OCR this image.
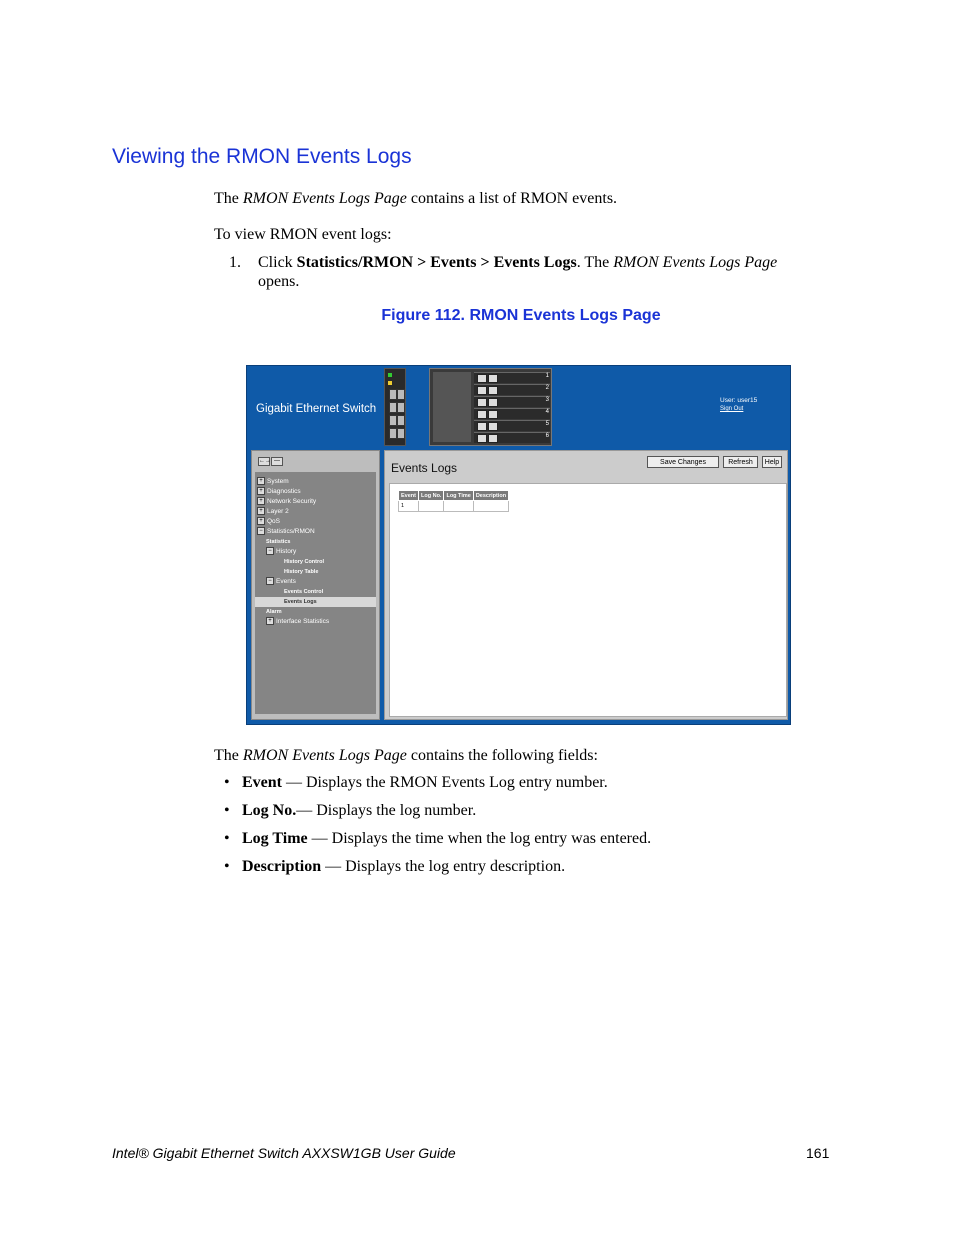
Viewing the RMON Events Logs
The RMON Events Logs Page contains a list of RMON events.
To view RMON event logs:
1. Click Statistics/RMON > Events > Events Logs. The RMON Events Logs Page
opens.
Figure 112. RMON Events Logs Page
Gigabit Ethernet Switch
1
2
3
4
5
6
User: user15
Sign Out
←→ —
+ System
+ Diagnostics
+ Network Security
+ Layer 2
+ QoS
− Statistics/RMON
Statistics
− History
History Control
History Table
− Events
Events Control
Events Logs
Alarm
+ Interface Statistics
Events Logs	Save Changes	Refresh	Help
Event	Log No.	Log Time	Description
1			
The RMON Events Logs Page contains the following fields:
• Event — Displays the RMON Events Log entry number.
• Log No.— Displays the log number.
• Log Time — Displays the time when the log entry was entered.
• Description — Displays the log entry description.
Intel® Gigabit Ethernet Switch AXXSW1GB User Guide	161
